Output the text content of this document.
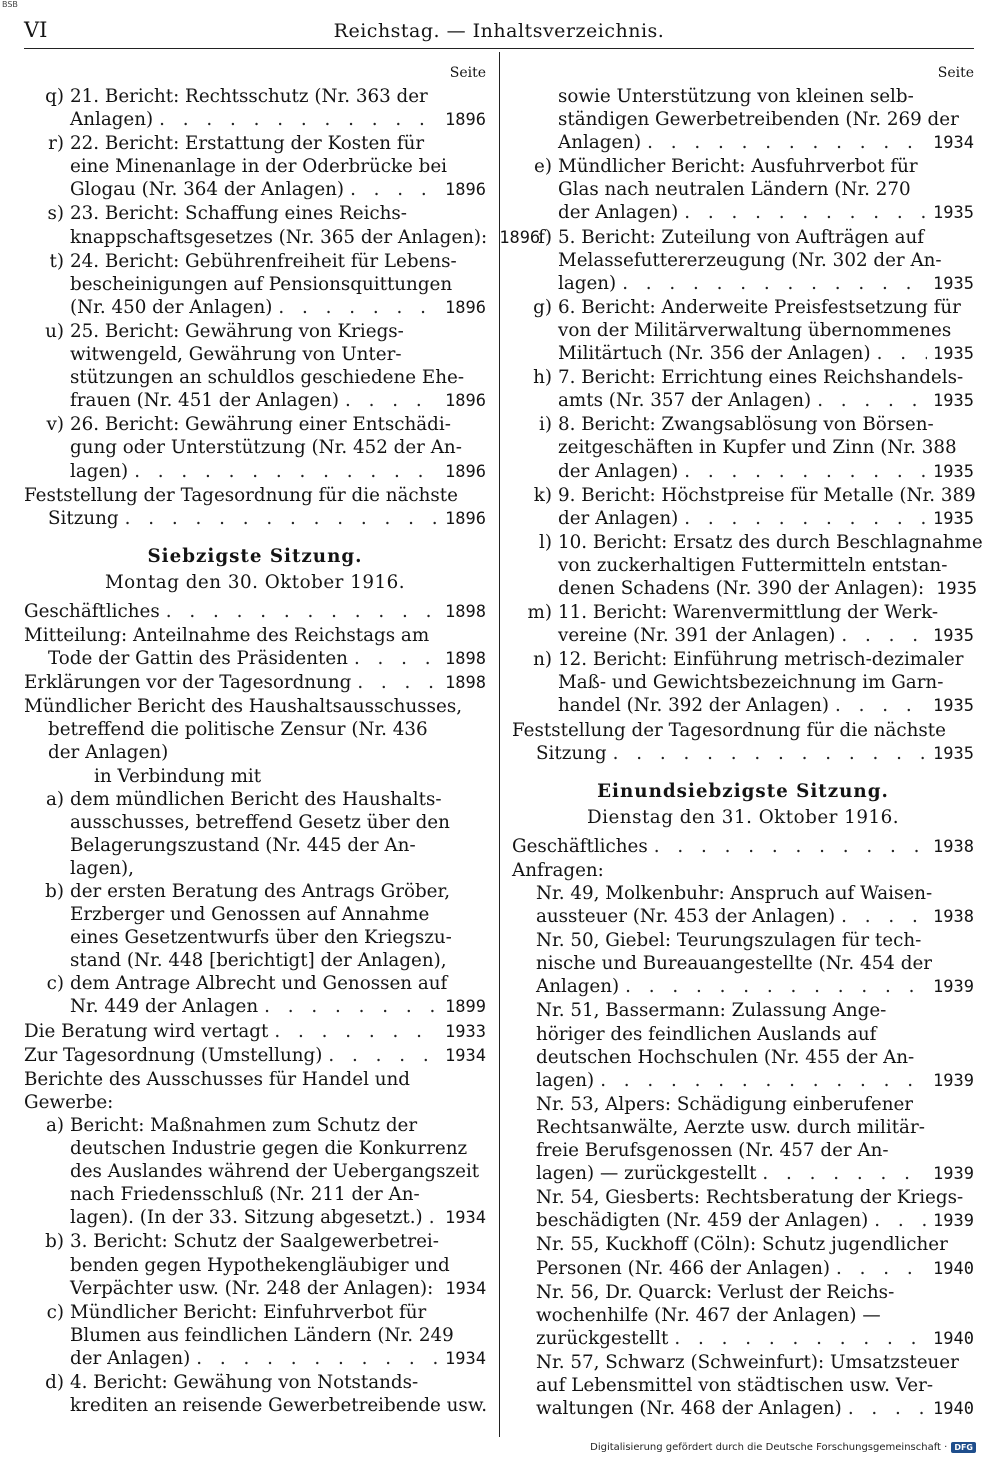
BSB
VI	Reichstag. — Inhaltsverzeichnis.
Seite
q) 21. Bericht: Rechtsschutz (Nr. 363 der
Anlagen) . . .	1896
r) 22. Bericht: Erstattung der Kosten für
eine Minenanlage in der Oderbrücke bei
Glogau (Nr. 364 der Anlagen) . . .	1896
s) 23. Bericht: Schaffung eines Reichs-
knappschaftsgesetzes (Nr. 365 der Anlagen): 1896
t) 24. Bericht: Gebührenfreiheit für Lebens-
bescheinigungen auf Pensionsquittungen
(Nr. 450 der Anlagen) . . .	1896
u) 25. Bericht: Gewährung von Kriegs-
witwengeld, Gewährung von Unter-
stützungen an schuldlos geschiedene Ehe-
frauen (Nr. 451 der Anlagen) . . .	1896
v) 26. Bericht: Gewährung einer Entschädi-
gung oder Unterstützung (Nr. 452 der An-
lagen) . . .	1896
Feststellung der Tagesordnung für die nächste
Sitzung . . .	1896
Siebzigste Sitzung.
Montag den 30. Oktober 1916.
Geschäftliches . . .	1898
Mitteilung: Anteilnahme des Reichstags am
Tode der Gattin des Präsidenten . . .	1898
Erklärungen vor der Tagesordnung . . .	1898
Mündlicher Bericht des Haushaltsausschusses,
betreffend die politische Zensur (Nr. 436
der Anlagen)
in Verbindung mit
a) dem mündlichen Bericht des Haushalts-
ausschusses, betreffend Gesetz über den
Belagerungszustand (Nr. 445 der An-
lagen),
b) der ersten Beratung des Antrags Gröber,
Erzberger und Genossen auf Annahme
eines Gesetzentwurfs über den Kriegszu-
stand (Nr. 448 [berichtigt] der Anlagen),
c) dem Antrage Albrecht und Genossen auf
Nr. 449 der Anlagen . . .	1899
Die Beratung wird vertagt . . .	1933
Zur Tagesordnung (Umstellung) . . .	1934
Berichte des Ausschusses für Handel und Gewerbe:
a) Bericht: Maßnahmen zum Schutz der
deutschen Industrie gegen die Konkurrenz
des Auslandes während der Uebergangszeit
nach Friedensschluß (Nr. 211 der An-
lagen). (In der 33. Sitzung abgesetzt.) . . . 1934
b) 3. Bericht: Schutz der Saalgewerbetrei-
benden gegen Hypothekengläubiger und
Verpächter usw. (Nr. 248 der Anlagen): 1934
c) Mündlicher Bericht: Einfuhrverbot für
Blumen aus feindlichen Ländern (Nr. 249
der Anlagen) . . .	1934
d) 4. Bericht: Gewähung von Notstands-
krediten an reisende Gewerbetreibende usw.
Seite
sowie Unterstützung von kleinen selb-
ständigen Gewerbetreibenden (Nr. 269 der
Anlagen) . . .	1934
e) Mündlicher Bericht: Ausfuhrverbot für
Glas nach neutralen Ländern (Nr. 270
der Anlagen) . . .	1935
f) 5. Bericht: Zuteilung von Aufträgen auf
Melassefuttererzeugung (Nr. 302 der An-
lagen) . . .	1935
g) 6. Bericht: Anderweite Preisfestsetzung für
von der Militärverwaltung übernommenes
Militärtuch (Nr. 356 der Anlagen) . . .	1935
h) 7. Bericht: Errichtung eines Reichshandels-
amts (Nr. 357 der Anlagen) . . .	1935
i) 8. Bericht: Zwangsablösung von Börsen-
zeitgeschäften in Kupfer und Zinn (Nr. 388
der Anlagen) . . .	1935
k) 9. Bericht: Höchstpreise für Metalle (Nr. 389
der Anlagen) . . .	1935
l) 10. Bericht: Ersatz des durch Beschlagnahme
von zuckerhaltigen Futtermitteln entstan-
denen Schadens (Nr. 390 der Anlagen): 1935
m) 11. Bericht: Warenvermittlung der Werk-
vereine (Nr. 391 der Anlagen) . . .	1935
n) 12. Bericht: Einführung metrisch-dezimaler
Maß- und Gewichtsbezeichnung im Garn-
handel (Nr. 392 der Anlagen) . . .	1935
Feststellung der Tagesordnung für die nächste
Sitzung . . .	1935
Einundsiebzigste Sitzung.
Dienstag den 31. Oktober 1916.
Geschäftliches . . .	1938
Anfragen:
Nr. 49, Molkenbuhr: Anspruch auf Waisen-
aussteuer (Nr. 453 der Anlagen) . . .	1938
Nr. 50, Giebel: Teurungszulagen für tech-
nische und Bureauangestellte (Nr. 454 der
Anlagen) . . .	1939
Nr. 51, Bassermann: Zulassung Ange-
höriger des feindlichen Auslands auf
deutschen Hochschulen (Nr. 455 der An-
lagen) . . .	1939
Nr. 53, Alpers: Schädigung einberufener
Rechtsanwälte, Aerzte usw. durch militär-
freie Berufsgenossen (Nr. 457 der An-
lagen) — zurückgestellt . . .	1939
Nr. 54, Giesberts: Rechtsberatung der Kriegs-
beschädigten (Nr. 459 der Anlagen) . . .	1939
Nr. 55, Kuckhoff (Cöln): Schutz jugendlicher
Personen (Nr. 466 der Anlagen) . . .	1940
Nr. 56, Dr. Quarck: Verlust der Reichs-
wochenhilfe (Nr. 467 der Anlagen) —
zurückgestellt . . .	1940
Nr. 57, Schwarz (Schweinfurt): Umsatzsteuer
auf Lebensmittel von städtischen usw. Ver-
waltungen (Nr. 468 der Anlagen) . . .	1940
Digitalisierung gefördert durch die Deutsche Forschungsgemeinschaft · DFG
